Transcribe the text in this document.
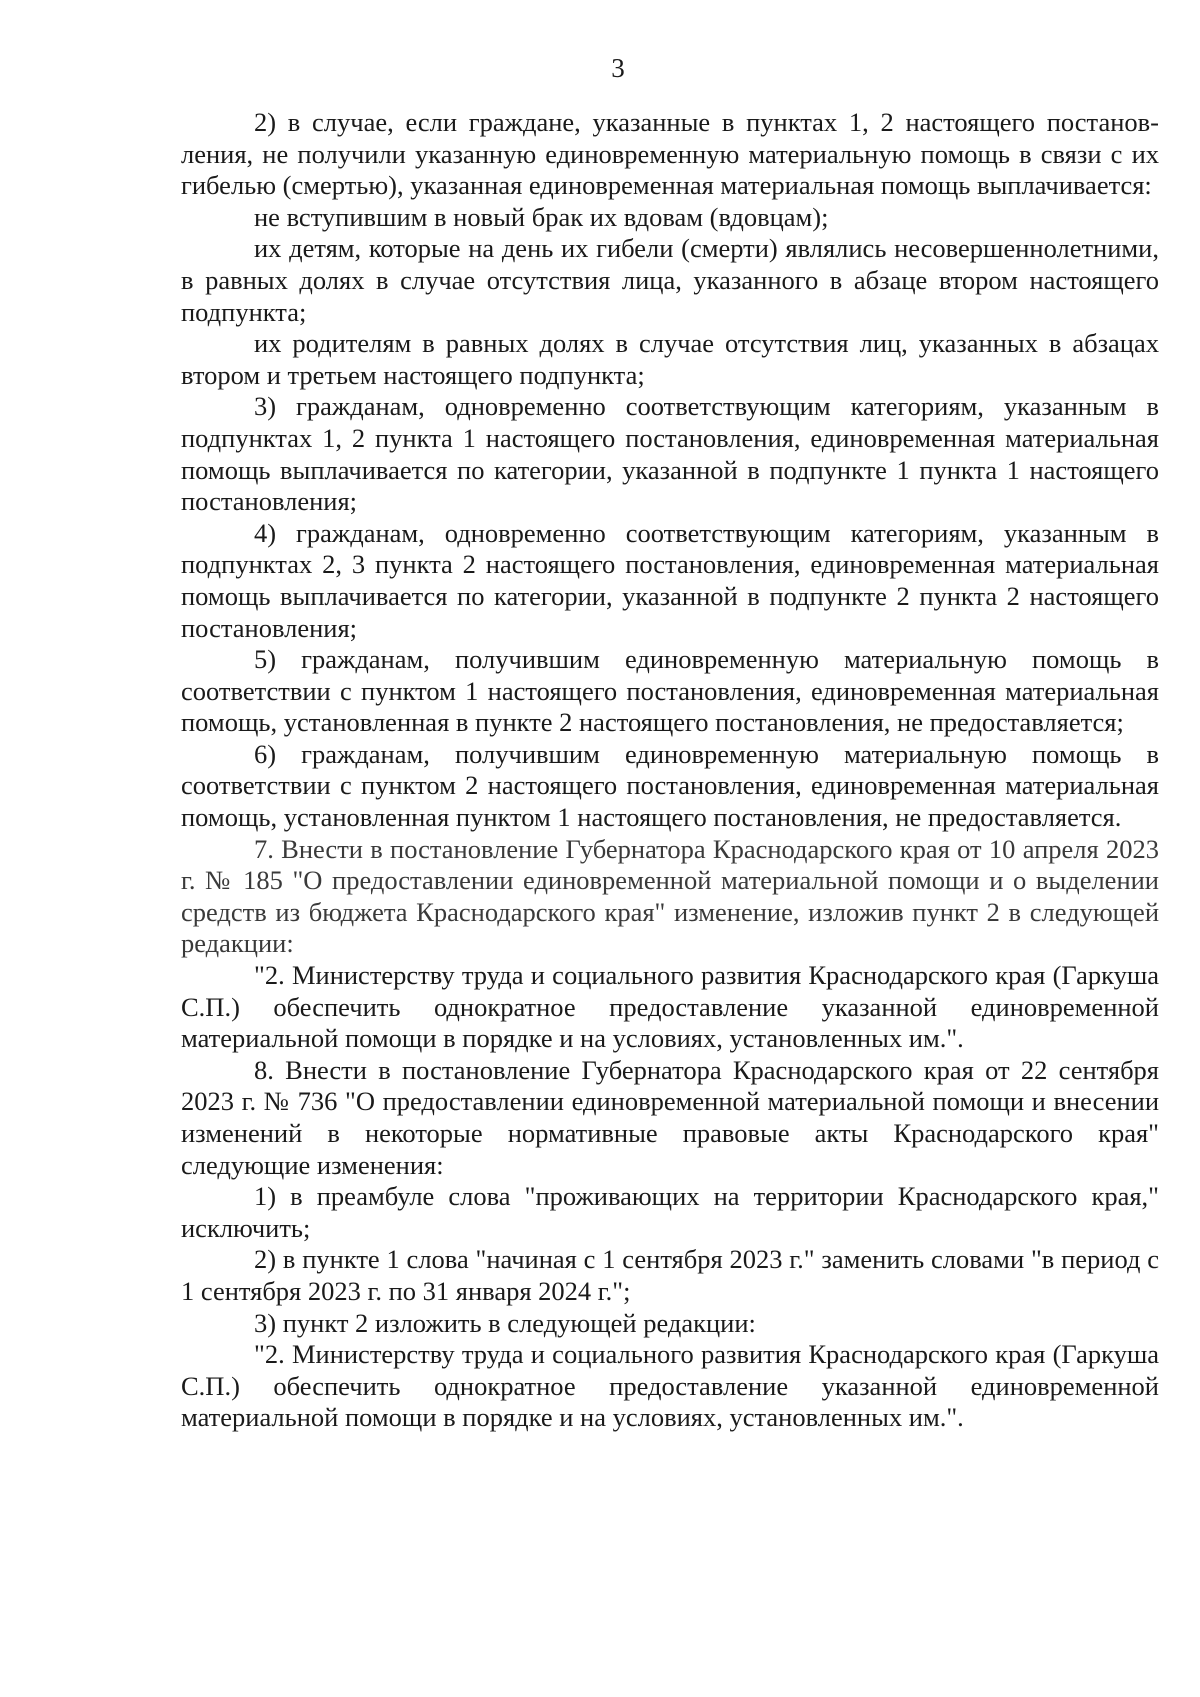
3

2) в случае, если граждане, указанные в пунктах 1, 2 настоящего постановления, не получили указанную единовременную материальную помощь в связи с их гибелью (смертью), указанная единовременная материальная помощь выплачивается:

не вступившим в новый брак их вдовам (вдовцам);

их детям, которые на день их гибели (смерти) являлись несовершеннолетними, в равных долях в случае отсутствия лица, указанного в абзаце втором настоящего подпункта;

их родителям в равных долях в случае отсутствия лиц, указанных в абзацах втором и третьем настоящего подпункта;

3) гражданам, одновременно соответствующим категориям, указанным в подпунктах 1, 2 пункта 1 настоящего постановления, единовременная материальная помощь выплачивается по категории, указанной в подпункте 1 пункта 1 настоящего постановления;

4) гражданам, одновременно соответствующим категориям, указанным в подпунктах 2, 3 пункта 2 настоящего постановления, единовременная материальная помощь выплачивается по категории, указанной в подпункте 2 пункта 2 настоящего постановления;

5) гражданам, получившим единовременную материальную помощь в соответствии с пунктом 1 настоящего постановления, единовременная материальная помощь, установленная в пункте 2 настоящего постановления, не предоставляется;

6) гражданам, получившим единовременную материальную помощь в соответствии с пунктом 2 настоящего постановления, единовременная материальная помощь, установленная пунктом 1 настоящего постановления, не предоставляется.

7. Внести в постановление Губернатора Краснодарского края от 10 апреля 2023 г. № 185 "О предоставлении единовременной материальной помощи и о выделении средств из бюджета Краснодарского края" изменение, изложив пункт 2 в следующей редакции:

"2. Министерству труда и социального развития Краснодарского края (Гаркуша С.П.) обеспечить однократное предоставление указанной единовременной материальной помощи в порядке и на условиях, установленных им.".

8. Внести в постановление Губернатора Краснодарского края от 22 сентября 2023 г. № 736 "О предоставлении единовременной материальной помощи и внесении изменений в некоторые нормативные правовые акты Краснодарского края" следующие изменения:

1) в преамбуле слова "проживающих на территории Краснодарского края," исключить;

2) в пункте 1 слова "начиная с 1 сентября 2023 г." заменить словами "в период с 1 сентября 2023 г. по 31 января 2024 г.";

3) пункт 2 изложить в следующей редакции:

"2. Министерству труда и социального развития Краснодарского края (Гаркуша С.П.) обеспечить однократное предоставление указанной единовременной материальной помощи в порядке и на условиях, установленных им.".
